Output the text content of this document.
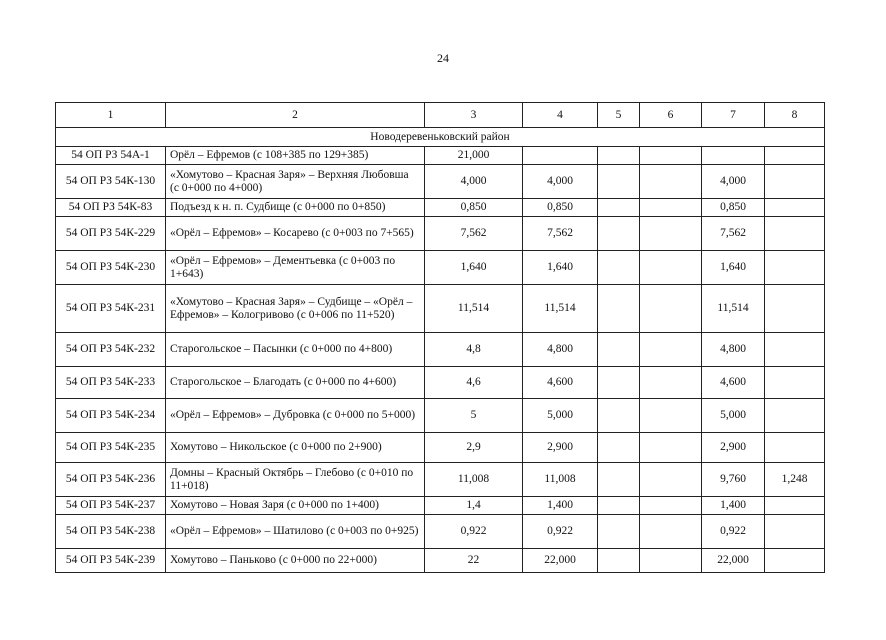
24
1	2	3	4	5	6	7	8
Новодеревеньковский район							
54 ОП РЗ 54А-1	Орёл – Ефремов (с 108+385 по 129+385)	21,000					
54 ОП РЗ 54К-130	«Хомутово – Красная Заря» – Верхняя Любовша (с 0+000 по 4+000)	4,000	4,000			4,000	
54 ОП РЗ 54К-83	Подъезд к н. п. Судбище (с 0+000 по 0+850)	0,850	0,850			0,850	
54 ОП РЗ 54К-229	«Орёл – Ефремов» – Косарево (с 0+003 по 7+565)	7,562	7,562			7,562	
54 ОП РЗ 54К-230	«Орёл – Ефремов» – Дементьевка (с 0+003 по 1+643)	1,640	1,640			1,640	
54 ОП РЗ 54К-231	«Хомутово – Красная Заря» – Судбище – «Орёл – Ефремов» – Кологривово (с 0+006 по 11+520)	11,514	11,514			11,514	
54 ОП РЗ 54К-232	Старогольское – Пасынки (с 0+000 по 4+800)	4,8	4,800			4,800	
54 ОП РЗ 54К-233	Старогольское – Благодать (с 0+000 по 4+600)	4,6	4,600			4,600	
54 ОП РЗ 54К-234	«Орёл – Ефремов» – Дубровка (с 0+000 по 5+000)	5	5,000			5,000	
54 ОП РЗ 54К-235	Хомутово – Никольское (с 0+000 по 2+900)	2,9	2,900			2,900	
54 ОП РЗ 54К-236	Домны – Красный Октябрь – Глебово (с 0+010 по 11+018)	11,008	11,008			9,760	1,248
54 ОП РЗ 54К-237	Хомутово – Новая Заря (с 0+000 по 1+400)	1,4	1,400			1,400	
54 ОП РЗ 54К-238	«Орёл – Ефремов» – Шатилово (с 0+003 по 0+925)	0,922	0,922			0,922	
54 ОП РЗ 54К-239	Хомутово – Паньково (с 0+000 по 22+000)	22	22,000			22,000	
